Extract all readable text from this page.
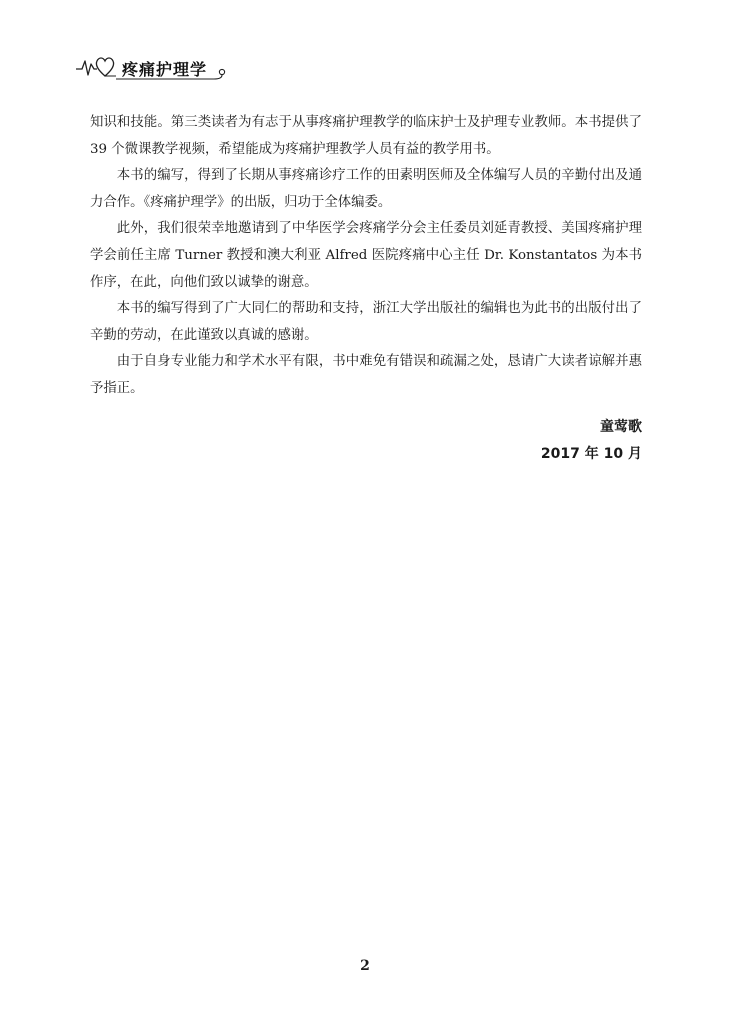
疼痛护理学

知识和技能。第三类读者为有志于从事疼痛护理教学的临床护士及护理专业教师。本书提供了 39 个微课教学视频，希望能成为疼痛护理教学人员有益的教学用书。

本书的编写，得到了长期从事疼痛诊疗工作的田素明医师及全体编写人员的辛勤付出及通力合作。《疼痛护理学》的出版，归功于全体编委。

此外，我们很荣幸地邀请到了中华医学会疼痛学分会主任委员刘延青教授、美国疼痛护理学会前任主席 Turner 教授和澳大利亚 Alfred 医院疼痛中心主任 Dr. Konstantatos 为本书作序，在此，向他们致以诚挚的谢意。

本书的编写得到了广大同仁的帮助和支持，浙江大学出版社的编辑也为此书的出版付出了辛勤的劳动，在此谨致以真诚的感谢。

由于自身专业能力和学术水平有限，书中难免有错误和疏漏之处，恳请广大读者谅解并惠予指正。

童莺歌
2017 年 10 月
2
